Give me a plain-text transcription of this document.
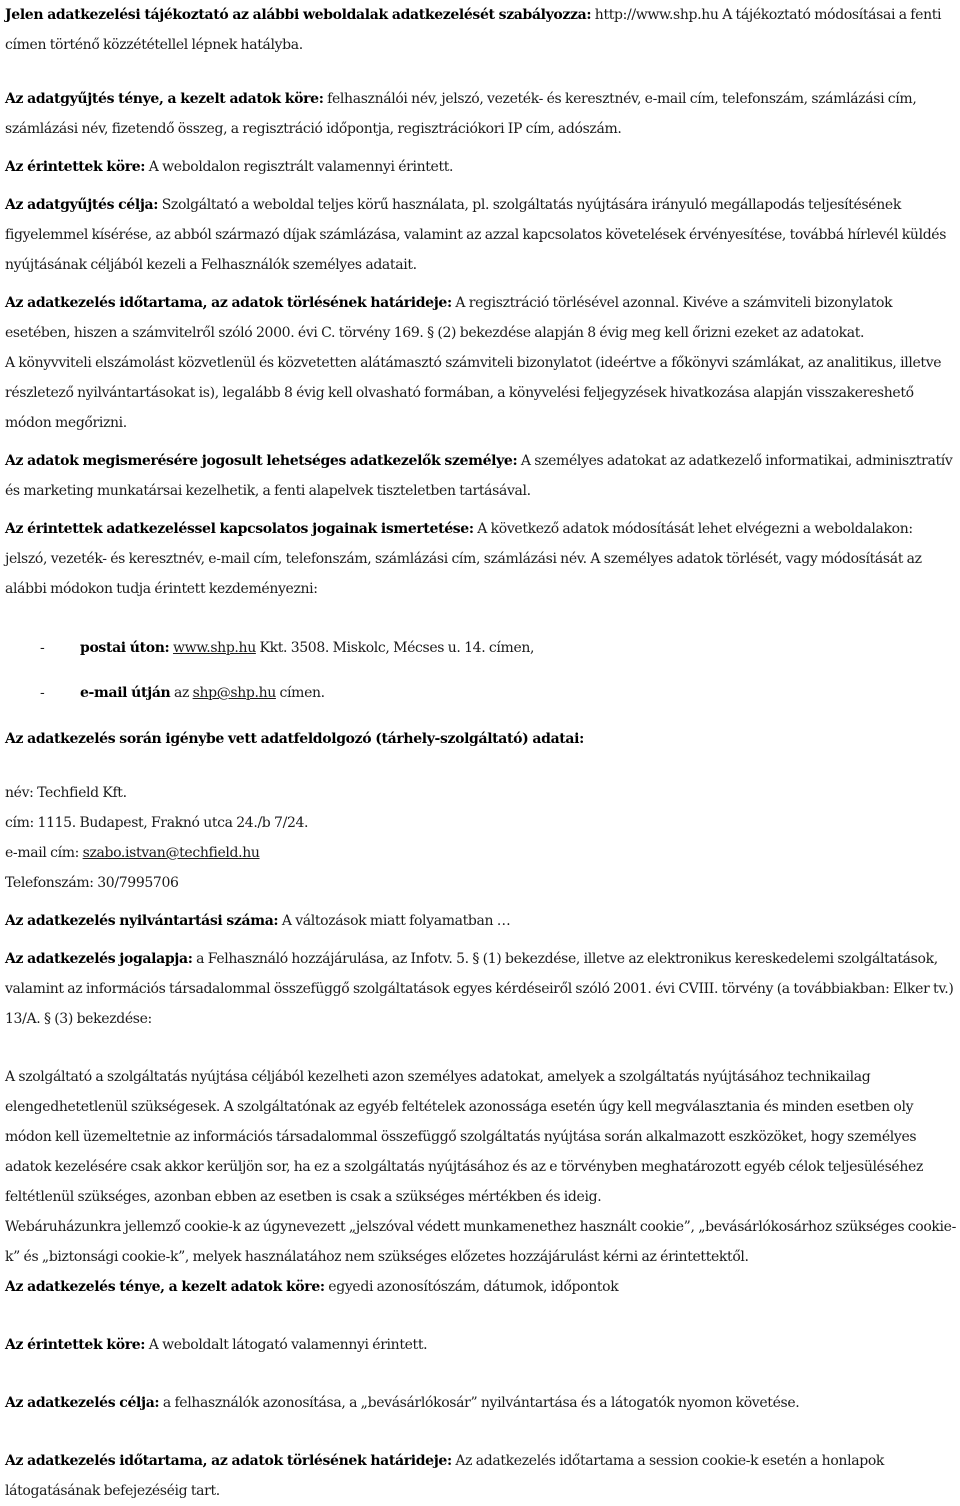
Jelen adatkezelési tájékoztató az alábbi weboldalak adatkezelését szabályozza: http://www.shp.hu A tájékoztató módosításai a fenti címen történő közzététellel lépnek hatályba.

Az adatgyűjtés ténye, a kezelt adatok köre: felhasználói név, jelszó, vezeték- és keresztnév, e-mail cím, telefonszám, számlázási cím, számlázási név, fizetendő összeg, a regisztráció időpontja, regisztrációkori IP cím, adószám.

Az érintettek köre: A weboldalon regisztrált valamennyi érintett.

Az adatgyűjtés célja: Szolgáltató a weboldal teljes körű használata, pl. szolgáltatás nyújtására irányuló megállapodás teljesítésének figyelemmel kísérése, az abból származó díjak számlázása, valamint az azzal kapcsolatos követelések érvényesítése, továbbá hírlevél küldés nyújtásának céljából kezeli a Felhasználók személyes adatait.

Az adatkezelés időtartama, az adatok törlésének határideje: A regisztráció törlésével azonnal. Kivéve a számviteli bizonylatok esetében, hiszen a számvitelről szóló 2000. évi C. törvény 169. § (2) bekezdése alapján 8 évig meg kell őrizni ezeket az adatokat.

A könyvviteli elszámolást közvetlenül és közvetetten alátámasztó számviteli bizonylatot (ideértve a főkönyvi számlákat, az analitikus, illetve részletező nyilvántartásokat is), legalább 8 évig kell olvasható formában, a könyvelési feljegyzések hivatkozása alapján visszakereshető módon megőrizni.

Az adatok megismerésére jogosult lehetséges adatkezelők személye: A személyes adatokat az adatkezelő informatikai, adminisztratív és marketing munkatársai kezelhetik, a fenti alapelvek tiszteletben tartásával.

Az érintettek adatkezeléssel kapcsolatos jogainak ismertetése: A következő adatok módosítását lehet elvégezni a weboldalakon: jelszó, vezeték- és keresztnév, e-mail cím, telefonszám, számlázási cím, számlázási név. A személyes adatok törlését, vagy módosítását az alábbi módokon tudja érintett kezdeményezni:

-	postai úton: www.shp.hu Kkt. 3508. Miskolc, Mécses u. 14. címen,
-	e-mail útján az shp@shp.hu címen.

Az adatkezelés során igénybe vett adatfeldolgozó (tárhely-szolgáltató) adatai:

név: Techfield Kft.

cím: 1115. Budapest, Fraknó utca 24./b 7/24.

e-mail cím: szabo.istvan@techfield.hu

Telefonszám: 30/7995706

Az adatkezelés nyilvántartási száma: A változások miatt folyamatban …

Az adatkezelés jogalapja: a Felhasználó hozzájárulása, az Infotv. 5. § (1) bekezdése, illetve az elektronikus kereskedelemi szolgáltatások, valamint az információs társadalommal összefüggő szolgáltatások egyes kérdéseiről szóló 2001. évi CVIII. törvény (a továbbiakban: Elker tv.) 13/A. § (3) bekezdése:

A szolgáltató a szolgáltatás nyújtása céljából kezelheti azon személyes adatokat, amelyek a szolgáltatás nyújtásához technikailag elengedhetetlenül szükségesek. A szolgáltatónak az egyéb feltételek azonossága esetén úgy kell megválasztania és minden esetben oly módon kell üzemeltetnie az információs társadalommal összefüggő szolgáltatás nyújtása során alkalmazott eszközöket, hogy személyes adatok kezelésére csak akkor kerüljön sor, ha ez a szolgáltatás nyújtásához és az e törvényben meghatározott egyéb célok teljesüléséhez feltétlenül szükséges, azonban ebben az esetben is csak a szükséges mértékben és ideig.

Webáruházunkra jellemző cookie-k az úgynevezett „jelszóval védett munkamenethez használt cookie”, „bevásárlókosárhoz szükséges cookie-k” és „biztonsági cookie-k”, melyek használatához nem szükséges előzetes hozzájárulást kérni az érintettektől.

Az adatkezelés ténye, a kezelt adatok köre: egyedi azonosítószám, dátumok, időpontok

Az érintettek köre: A weboldalt látogató valamennyi érintett.

Az adatkezelés célja: a felhasználók azonosítása, a „bevásárlókosár” nyilvántartása és a látogatók nyomon követése.

Az adatkezelés időtartama, az adatok törlésének határideje: Az adatkezelés időtartama a session cookie-k esetén a honlapok látogatásának befejezéséig tart.
